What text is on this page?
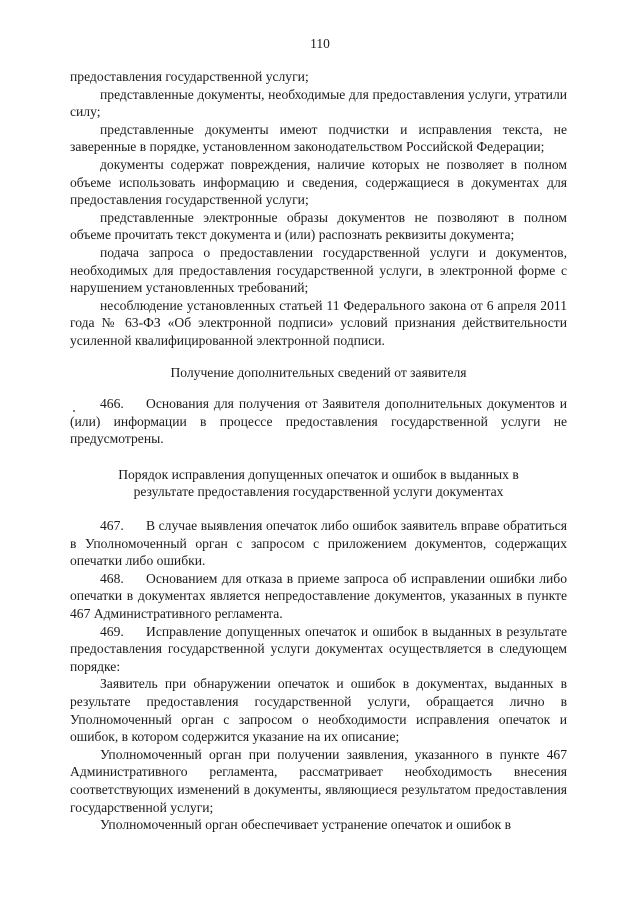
110

предоставления государственной услуги;

представленные документы, необходимые для предоставления услуги, утратили силу;

представленные документы имеют подчистки и исправления текста, не заверенные в порядке, установленном законодательством Российской Федерации;

документы содержат повреждения, наличие которых не позволяет в полном объеме использовать информацию и сведения, содержащиеся в документах для предоставления государственной услуги;

представленные электронные образы документов не позволяют в полном объеме прочитать текст документа и (или) распознать реквизиты документа;

подача запроса о предоставлении государственной услуги и документов, необходимых для предоставления государственной услуги, в электронной форме с нарушением установленных требований;

несоблюдение установленных статьей 11 Федерального закона от 6 апреля 2011 года № 63-ФЗ «Об электронной подписи» условий признания действительности усиленной квалифицированной электронной подписи.

Получение дополнительных сведений от заявителя

466. Основания для получения от Заявителя дополнительных документов и (или) информации в процессе предоставления государственной услуги не предусмотрены.

Порядок исправления допущенных опечаток и ошибок в выданных в результате предоставления государственной услуги документах

467. В случае выявления опечаток либо ошибок заявитель вправе обратиться в Уполномоченный орган с запросом с приложением документов, содержащих опечатки либо ошибки.

468. Основанием для отказа в приеме запроса об исправлении ошибки либо опечатки в документах является непредоставление документов, указанных в пункте 467 Административного регламента.

469. Исправление допущенных опечаток и ошибок в выданных в результате предоставления государственной услуги документах осуществляется в следующем порядке:

Заявитель при обнаружении опечаток и ошибок в документах, выданных в результате предоставления государственной услуги, обращается лично в Уполномоченный орган с запросом о необходимости исправления опечаток и ошибок, в котором содержится указание на их описание;

Уполномоченный орган при получении заявления, указанного в пункте 467 Административного регламента, рассматривает необходимость внесения соответствующих изменений в документы, являющиеся результатом предоставления государственной услуги;

Уполномоченный орган обеспечивает устранение опечаток и ошибок в
